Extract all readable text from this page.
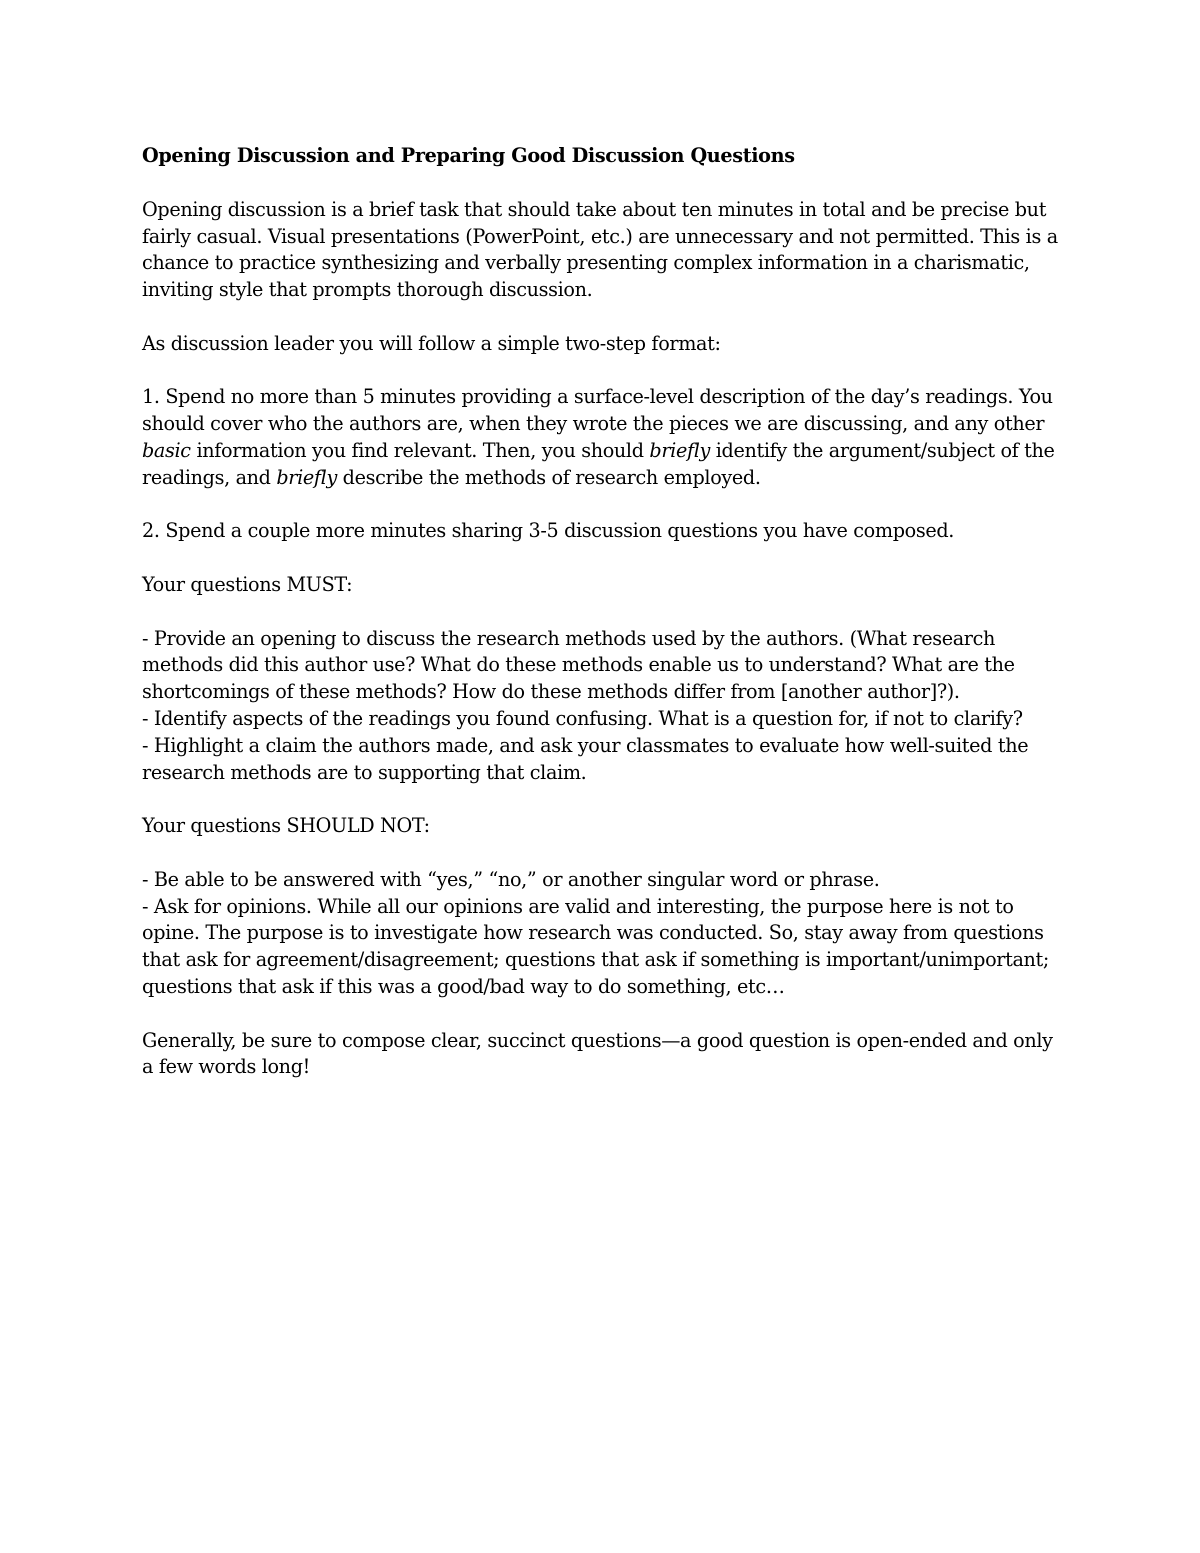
Opening Discussion and Preparing Good Discussion Questions

Opening discussion is a brief task that should take about ten minutes in total and be precise but fairly casual. Visual presentations (PowerPoint, etc.) are unnecessary and not permitted. This is a chance to practice synthesizing and verbally presenting complex information in a charismatic, inviting style that prompts thorough discussion.

As discussion leader you will follow a simple two-step format:

1. Spend no more than 5 minutes providing a surface-level description of the day’s readings. You should cover who the authors are, when they wrote the pieces we are discussing, and any other basic information you find relevant. Then, you should briefly identify the argument/subject of the readings, and briefly describe the methods of research employed.

2. Spend a couple more minutes sharing 3-5 discussion questions you have composed.

Your questions MUST:

- Provide an opening to discuss the research methods used by the authors. (What research methods did this author use? What do these methods enable us to understand? What are the shortcomings of these methods? How do these methods differ from [another author]?).

- Identify aspects of the readings you found confusing. What is a question for, if not to clarify?

- Highlight a claim the authors made, and ask your classmates to evaluate how well-suited the research methods are to supporting that claim.

Your questions SHOULD NOT:

- Be able to be answered with “yes,” “no,” or another singular word or phrase.

- Ask for opinions. While all our opinions are valid and interesting, the purpose here is not to opine. The purpose is to investigate how research was conducted. So, stay away from questions that ask for agreement/disagreement; questions that ask if something is important/unimportant; questions that ask if this was a good/bad way to do something, etc…

Generally, be sure to compose clear, succinct questions—a good question is open-ended and only a few words long!
